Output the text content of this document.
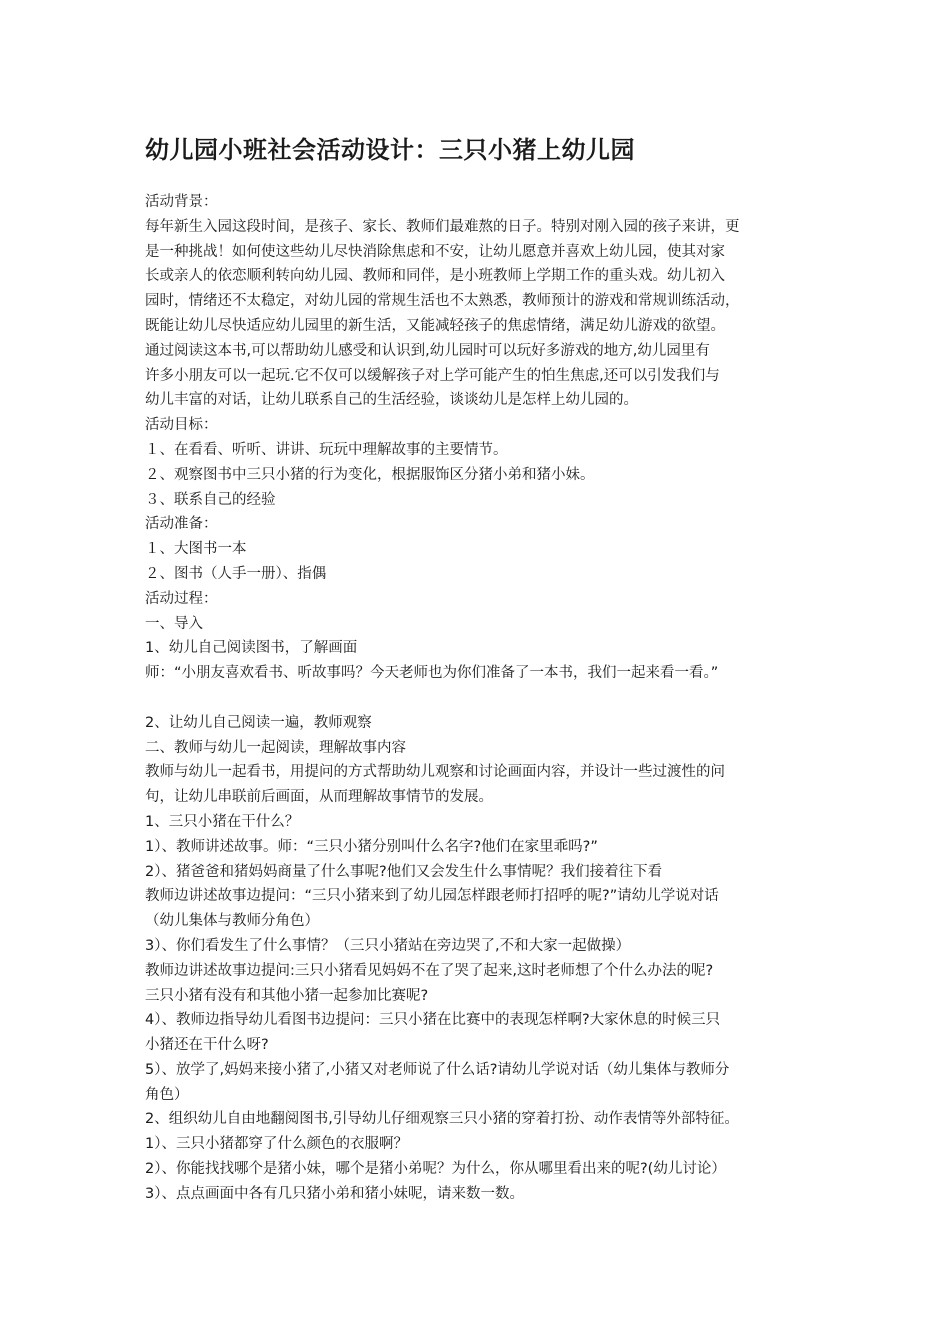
幼儿园小班社会活动设计：三只小猪上幼儿园
活动背景：
每年新生入园这段时间，是孩子、家长、教师们最难熬的日子。特别对刚入园的孩子来讲，更
是一种挑战！如何使这些幼儿尽快消除焦虑和不安，让幼儿愿意并喜欢上幼儿园，使其对家
长或亲人的依恋顺利转向幼儿园、教师和同伴，是小班教师上学期工作的重头戏。幼儿初入
园时，情绪还不太稳定，对幼儿园的常规生活也不太熟悉，教师预计的游戏和常规训练活动，
既能让幼儿尽快适应幼儿园里的新生活，又能减轻孩子的焦虑情绪，满足幼儿游戏的欲望。
通过阅读这本书,可以帮助幼儿感受和认识到,幼儿园时可以玩好多游戏的地方,幼儿园里有
许多小朋友可以一起玩.它不仅可以缓解孩子对上学可能产生的怕生焦虑,还可以引发我们与
幼儿丰富的对话，让幼儿联系自己的生活经验，谈谈幼儿是怎样上幼儿园的。
活动目标：
１、在看看、听听、讲讲、玩玩中理解故事的主要情节。
２、观察图书中三只小猪的行为变化，根据服饰区分猪小弟和猪小妹。
３、联系自己的经验
活动准备：
１、大图书一本
２、图书（人手一册）、指偶
活动过程：
一、导入
1、幼儿自己阅读图书，了解画面
师：“小朋友喜欢看书、听故事吗？今天老师也为你们准备了一本书，我们一起来看一看。”
2、让幼儿自己阅读一遍，教师观察
二、教师与幼儿一起阅读，理解故事内容
教师与幼儿一起看书，用提问的方式帮助幼儿观察和讨论画面内容，并设计一些过渡性的问
句，让幼儿串联前后画面，从而理解故事情节的发展。
1、三只小猪在干什么？
1）、教师讲述故事。师：“三只小猪分别叫什么名字?他们在家里乖吗?”
2）、猪爸爸和猪妈妈商量了什么事呢?他们又会发生什么事情呢？我们接着往下看
教师边讲述故事边提问：“三只小猪来到了幼儿园怎样跟老师打招呼的呢?”请幼儿学说对话
（幼儿集体与教师分角色）
3）、你们看发生了什么事情？（三只小猪站在旁边哭了,不和大家一起做操）
教师边讲述故事边提问:三只小猪看见妈妈不在了哭了起来,这时老师想了个什么办法的呢?
三只小猪有没有和其他小猪一起参加比赛呢?
4）、教师边指导幼儿看图书边提问：三只小猪在比赛中的表现怎样啊?大家休息的时候三只
小猪还在干什么呀?
5）、放学了,妈妈来接小猪了,小猪又对老师说了什么话?请幼儿学说对话（幼儿集体与教师分
角色）
2、组织幼儿自由地翻阅图书,引导幼儿仔细观察三只小猪的穿着打扮、动作表情等外部特征。
1）、三只小猪都穿了什么颜色的衣服啊？
2）、你能找找哪个是猪小妹，哪个是猪小弟呢？为什么，你从哪里看出来的呢?(幼儿讨论）
3）、点点画面中各有几只猪小弟和猪小妹呢，请来数一数。
